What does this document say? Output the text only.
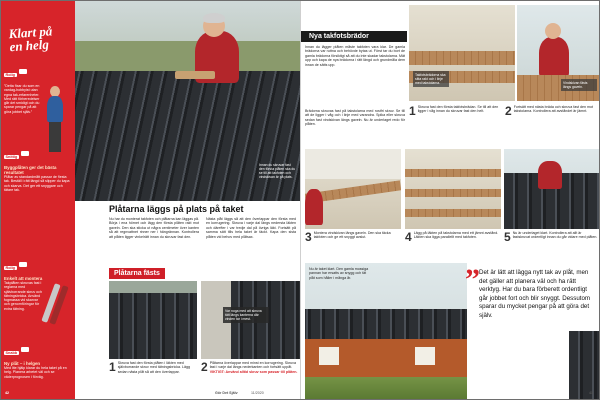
Klart på
en helg
Rolig
”Detta fixar du som en vardag-hobbyist utan egna tak-erfarenheter. Med rätt förberedelser går det smidigt och du sparar pengar på att göra jobbet själv.”
Snittig
Byggplåten ger det bästa resultatet
Plåtar av standardmått passar de flesta tak. Beställ i rätt längd så slipper du kapa och skarva. Det ger ett snyggare och tätare tak.
Rolig
Enkelt att montera
Takplåten skruvas fast i reglarna med självborrande skruv och tätningsbricka. Använd fogmassa vid skarvar och genomföringar för extra tätning.
Snabb
Ny plåt – i helgen
Med lite hjälp klarar du hela taket på en helg. Planera arbetet väl och se väderprognosen i förväg.
Innan du skruvar fast den första plåten ska du se till att takfoten och vindskivan är på plats.
Plåtarna läggs på plats på taket
Nu har du monterat takfoten och plåtarna kan läggas på. Börja i ena hörnet och lägg den första plåten rakt mot gaveln. Den ska sticka ut några centimeter över kanten så att regnvattnet rinner ner i hängrännan. Kontrollera att plåten ligger vinkelrätt innan du skruvar fast den.
Nästa plåt läggs så att den överlappar den första med en korrugering. Skruva i varje dal längs nedersta läkten och därefter i var tredje dal på övriga läkt. Fortsätt på samma sätt tills hela taket är täckt. Kapa den sista plåten vid behov med plåtsax.
Plåtarna fästs
Var noga med att skruva tätt längs kanterna där vinden tar i mest.
1 Skruva fast den första plåten i läkten med självborrande skruv med tätningsbricka. Lägg sedan nästa plåt så att den överlappar.	2 Plåtarna överlappar med minst en korrugering. Skruva fast i varje dal längs nederkanten och fortsätt uppåt. VIKTIGT: Använd alltid skruv som passar till plåten.
42	Gör Det Själv	11/2020
Nya takfotsbrädor
Innan du lägger plåten måste takfoten vara klar. De gamla brädorna var ruttna och behövde bytas ut. Först tar du bort de gamla brädorna försiktigt så att du inte skadar takstolarna. Mät upp och kapa de nya brädorna i rätt längd och grundmåla dem innan de sätts upp.
Brädorna skruvas fast på takstolarna med rostfri skruv. Se till att de ligger i våg och i linje med varandra. Spika eller skruva sedan fast vindskivan längs gaveln. Nu är underlaget redo för plåten.
Takfotsbrädorna ska sitta rakt och i linje med takstolarna.	Vindskivan fästs längs gaveln.
1 Skruva fast den första takfotsbrädan. Se till att den ligger i våg innan du skruvar fast den helt.	2 Fortsätt med nästa bräda och skruva fast den mot takstolarna. Kontrollera att avståndet är jämnt.
3 Montera vindskivan längs gaveln. Den ska täcka takfoten och ge ett snyggt avslut.	4 Lägg på läkten på takstolarna med ett jämnt avstånd. Läkten ska ligga parallellt med takfoten.	5 Nu är underlaget klart. Kontrollera att allt är fastskruvat ordentligt innan du går vidare med plåten.
Nu är taket klart. Den gamla mossiga pannan har ersatts av snygg och tät plåt som håller i många år.	” Det är lätt att lägga nytt tak av plåt, men det gäller att planera väl och ha rätt verktyg. Har du bara förberett ordentligt går jobbet fort och blir snyggt. Dessutom sparar du mycket pengar på att göra det själv.
43
